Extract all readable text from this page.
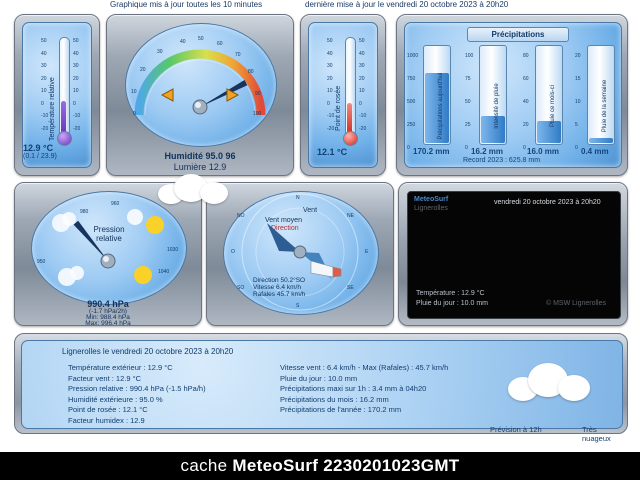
Graphique mis à jour toutes les 10 minutes	dernière mise à jour le vendredi 20 octobre 2023 à 20h20
Température relative
50
40
30
20
10
0
-10
-20
50
40
30
20
10
0
-10
-20
12.9 °C
(0.1 / 23.9)
0
10
20
30
40 50
60
70
80
90
100
Humidité 95.0 96
Lumière 12.9
Point de rosée
50
40
30
20
10
0
-10
-20
50
40
30
20
10
0
-10
-20
12.1 °C
Précipitations
Précipitations aujourd'hui
1000
750
500
250
0 170.2 mm
Intensité de pluie
100
75
50
25
0 16.2 mm
Pluie ce mois-ci
80
60
40
20
0 16.0 mm
Pluie de la semaine
20
15
10
5
0 0.4 mm
Record 2023 : 625.8 mm
960
980
950
1030
1040
Pression
relative
990.4 hPa
(-1.7 hPa/2h)
Min: 988.4 hPa
Max: 996.4 hPa
N
NE
E
SE
S
SO
O
NO
Vent
Vent moyen
Direction
Direction 50.2°SO
Vitesse 6.4 km/h
Rafales 45.7 km/h
MeteoSurf
Lignerolles
vendredi 20 octobre 2023 à 20h20
Température : 12.9 °C
Pluie du jour : 10.0 mm	© MSW Lignerolles
Lignerolles le vendredi 20 octobre 2023 à 20h20
Température extérieur : 12.9 °C
Facteur vent : 12.9 °C
Pression relative : 990.4 hPa (-1.5 hPa/h)
Humidité extérieure : 95.0 %
Point de rosée : 12.1 °C
Facteur humidex : 12.9
Vitesse vent : 6.4 km/h - Max (Rafales) : 45.7 km/h
Pluie du jour : 10.0 mm
Précipitations maxi sur 1h : 3.4 mm à 04h20
Précipitations du mois : 16.2 mm
Précipitations de l'année : 170.2 mm
Prévision à 12h	Très nuageux
cache MeteoSurf 2230201023GMT
